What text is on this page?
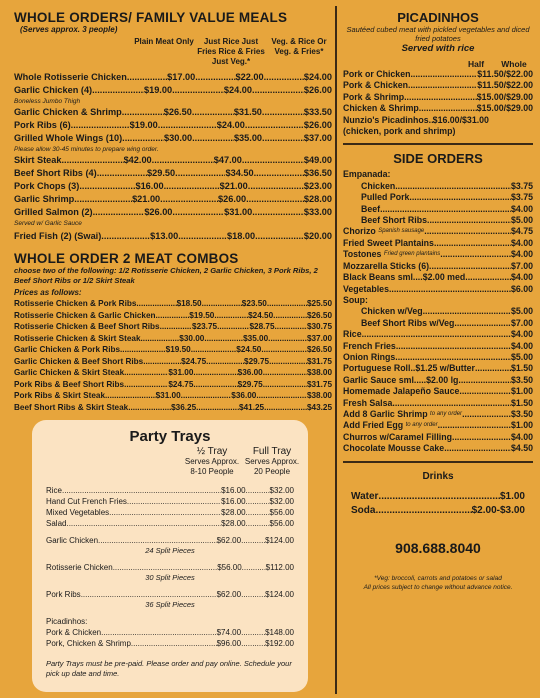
WHOLE ORDERS/ FAMILY VALUE MEALS
(Serves approx. 3 people)
Plain Meat Only	Just Rice Just Fries Rice & Fries Just Veg.*
Veg. & Rice Or Veg. & Fries*
Whole Rotisserie Chicken .....	$17.00 .....	$22.00 .....	$24.00
Garlic Chicken (4) .....	$19.00 .....	$24.00 .....	$26.00
Boneless Jumbo Thigh
Garlic Chicken & Shrimp .....	$26.50 .....	$31.50 .....	$33.50
Pork Ribs (6) .....	$19.00 .....	$24.00 .....	$26.00
Grilled Whole Wings (10) .....	$30.00 .....	$35.00 .....	$37.00
Please allow 30-45 minutes to prepare wing order.
Skirt Steak .....	$42.00 .....	$47.00 .....	$49.00
Beef Short Ribs (4) .....	$29.50 .....	$34.50 .....	$36.50
Pork Chops (3) .....	$16.00 .....	$21.00 .....	$23.00
Garlic Shrimp .....	$21.00 .....	$26.00 .....	$28.00
Grilled Salmon (2) .....	$26.00 .....	$31.00 .....	$33.00
Served w/ Garlic Sauce
Fried Fish (2) (Swai) .....	$13.00 .....	$18.00 .....	$20.00
WHOLE ORDER 2 MEAT COMBOS
choose two of the following: 1/2 Rotisserie Chicken, 2 Garlic Chicken, 3 Pork Ribs, 2 Beef Short Ribs or 1/2 Skirt Steak
Prices as follows:
Rotisserie Chicken & Pork Ribs .....	$18.50 .....	$23.50 .....	$25.50
Rotisserie Chicken & Garlic Chicken .....	$19.50 .....	$24.50 .....	$26.50
Rotisserie Chicken & Beef Short Ribs .....	$23.75 .....	$28.75 .....	$30.75
Rotisserie Chicken & Skirt Steak .....	$30.00 .....	$35.00 .....	$37.00
Garlic Chicken & Pork Ribs .....	$19.50 .....	$24.50 .....	$26.50
Garlic Chicken & Beef Short Ribs .....	$24.75 .....	$29.75 .....	$31.75
Garlic Chicken & Skirt Steak .....	$31.00 .....	$36.00 .....	$38.00
Pork Ribs & Beef Short Ribs .....	$24.75 .....	$29.75 .....	$31.75
Pork Ribs & Skirt Steak .....	$31.00 .....	$36.00 .....	$38.00
Beef Short Ribs & Skirt Steak .....	$36.25 .....	$41.25 .....	$43.25
Party Trays
½ Tray
Serves Approx.
8-10 People
Full Tray
Serves Approx.
20 People
Rice .....	$16.00 .....	$32.00
Hand Cut French Fries .....	$16.00 .....	$32.00
Mixed Vegetables .....	$28.00 .....	$56.00
Salad .....	$28.00 .....	$56.00
Garlic Chicken .....	$62.00 .....	$124.00
24 Split Pieces
Rotisserie Chicken .....	$56.00 .....	$112.00
30 Split Pieces
Pork Ribs .....	$62.00 .....	$124.00
36 Split Pieces
Picadinhos:
Pork & Chicken .....	$74.00 .....	$148.00
Pork, Chicken & Shrimp .....	$96.00 .....	$192.00
Party Trays must be pre-paid. Please order and pay online. Schedule your pick up date and time.
PICADINHOS
Sautéed cubed meat with pickled vegetables and diced fried potatoes
Served with rice
Half	Whole
Pork or Chicken .....	$11.50 / $22.00
Pork & Chicken .....	$11.50 / $22.00
Pork & Shrimp .....	$15.00 / $29.00
Chicken & Shrimp .....	$15.00 / $29.00
Nunzio's Picadinhos ..... $16.00 / $31.00
(chicken, pork and shrimp)
SIDE ORDERS
Empanada:
Chicken .....	$3.75
Pulled Pork .....	$3.75
Beef .....	$4.00
Beef Short Ribs .....	$5.00
Chorizo
Spanish sausage .....	$4.75
Fried Sweet Plantains .....	$4.00
Tostones
Fried green plantains .....	$4.00
Mozzarella Sticks (6) .....	$7.00
Black Beans sml....$2.00 med .....	$4.00
Vegetables .....	$6.00
Soup:
Chicken w/Veg .....	$5.00
Beef Short Ribs w/Veg .....	$7.00
Rice .....	$4.00
French Fries .....	$4.00
Onion Rings .....	$5.00
Portuguese Roll..$1.25 w/Butter .....	$1.50
Garlic Sauce sml.....$2.00 lg .....	$3.50
Homemade Jalapeño Sauce .....	$1.00
Fresh Salsa .....	$1.50
Add 8 Garlic Shrimp
to any order .....	$3.50
Add Fried Egg
to any order .....	$1.00
Churros w/Caramel Filling .....	$4.00
Chocolate Mousse Cake .....	$4.50
Drinks
Water .....	$1.00
Soda .....	$2.00-$3.00
908.688.8040
*Veg: broccoli, carrots and potatoes or salad
All prices subject to change without advance notice.
